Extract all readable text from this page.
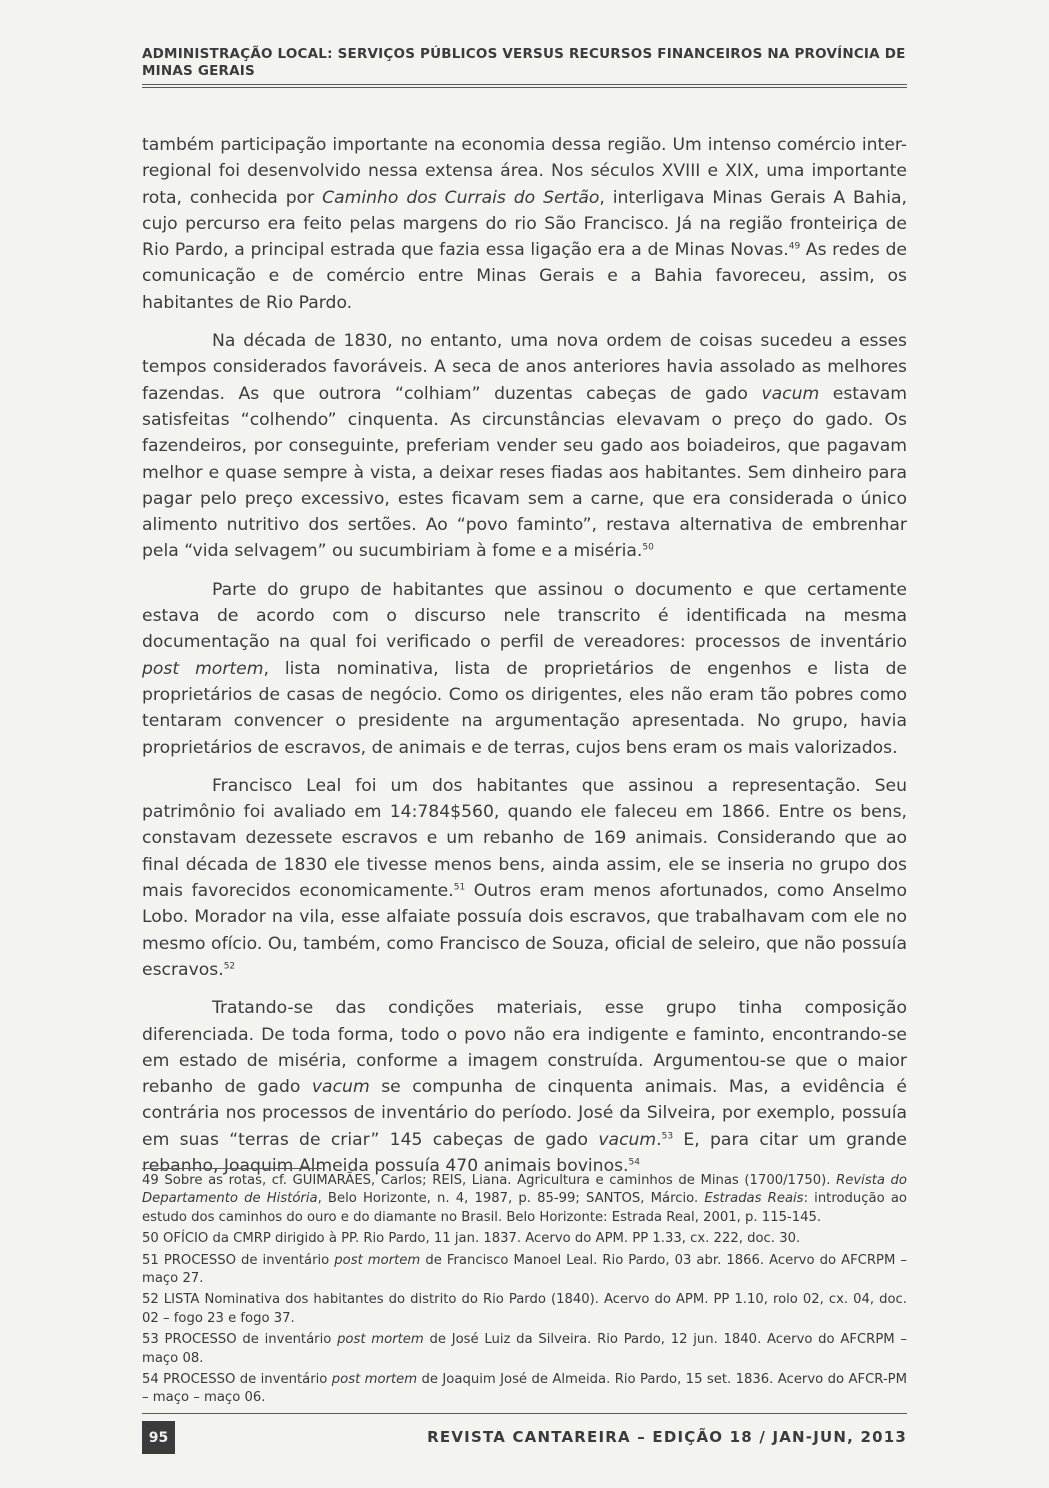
ADMINISTRAÇÃO LOCAL: SERVIÇOS PÚBLICOS VERSUS RECURSOS FINANCEIROS NA PROVÍNCIA DE

MINAS GERAIS

também participação importante na economia dessa região. Um intenso comércio inter-regional foi desenvolvido nessa extensa área. Nos séculos XVIII e XIX, uma importante rota, conhecida por Caminho dos Currais do Sertão, interligava Minas Gerais A Bahia, cujo percurso era feito pelas margens do rio São Francisco. Já na região fronteiriça de Rio Pardo, a principal estrada que fazia essa ligação era a de Minas Novas.$^{49}$ As redes de comunicação e de comércio entre Minas Gerais e a Bahia favoreceu, assim, os habitantes de Rio Pardo.

Na década de 1830, no entanto, uma nova ordem de coisas sucedeu a esses tempos considerados favoráveis. A seca de anos anteriores havia assolado as melhores fazendas. As que outrora “colhiam” duzentas cabeças de gado vacum estavam satisfeitas “colhendo” cinquenta. As circunstâncias elevavam o preço do gado. Os fazendeiros, por conseguinte, preferiam vender seu gado aos boiadeiros, que pagavam melhor e quase sempre à vista, a deixar reses fiadas aos habitantes. Sem dinheiro para pagar pelo preço excessivo, estes ficavam sem a carne, que era considerada o único alimento nutritivo dos sertões. Ao “povo faminto”, restava alternativa de embrenhar pela “vida selvagem” ou sucumbiriam à fome e a miséria.$^{50}$

Parte do grupo de habitantes que assinou o documento e que certamente estava de acordo com o discurso nele transcrito é identificada na mesma documentação na qual foi verificado o perfil de vereadores: processos de inventário post mortem, lista nominativa, lista de proprietários de engenhos e lista de proprietários de casas de negócio. Como os dirigentes, eles não eram tão pobres como tentaram convencer o presidente na argumentação apresentada. No grupo, havia proprietários de escravos, de animais e de terras, cujos bens eram os mais valorizados.

Francisco Leal foi um dos habitantes que assinou a representação. Seu patrimônio foi avaliado em 14:784$560, quando ele faleceu em 1866. Entre os bens, constavam dezessete escravos e um rebanho de 169 animais. Considerando que ao final década de 1830 ele tivesse menos bens, ainda assim, ele se inseria no grupo dos mais favorecidos economicamente.$^{51}$ Outros eram menos afortunados, como Anselmo Lobo. Morador na vila, esse alfaiate possuía dois escravos, que trabalhavam com ele no mesmo ofício. Ou, também, como Francisco de Souza, oficial de seleiro, que não possuía escravos.$^{52}$

Tratando-se das condições materiais, esse grupo tinha composição diferenciada. De toda forma, todo o povo não era indigente e faminto, encontrando-se em estado de miséria, conforme a imagem construída. Argumentou-se que o maior rebanho de gado vacum se compunha de cinquenta animais. Mas, a evidência é contrária nos processos de inventário do período. José da Silveira, por exemplo, possuía em suas “terras de criar” 145 cabeças de gado vacum.$^{53}$ E, para citar um grande rebanho, Joaquim Almeida possuía 470 animais bovinos.$^{54}$

49 Sobre as rotas, cf. GUIMARÃES, Carlos; REIS, Liana. Agricultura e caminhos de Minas (1700/1750). Revista do Departamento de História, Belo Horizonte, n. 4, 1987, p. 85-99; SANTOS, Márcio. Estradas Reais: introdução ao estudo dos caminhos do ouro e do diamante no Brasil. Belo Horizonte: Estrada Real, 2001, p. 115-145.

50 OFÍCIO da CMRP dirigido à PP. Rio Pardo, 11 jan. 1837. Acervo do APM. PP 1.33, cx. 222, doc. 30.

51 PROCESSO de inventário post mortem de Francisco Manoel Leal. Rio Pardo, 03 abr. 1866. Acervo do AFCRPM – maço 27.

52 LISTA Nominativa dos habitantes do distrito do Rio Pardo (1840). Acervo do APM. PP 1.10, rolo 02, cx. 04, doc. 02 – fogo 23 e fogo 37.

53 PROCESSO de inventário post mortem de José Luiz da Silveira. Rio Pardo, 12 jun. 1840. Acervo do AFCRPM – maço 08.

54 PROCESSO de inventário post mortem de Joaquim José de Almeida. Rio Pardo, 15 set. 1836. Acervo do AFCR-PM – maço – maço 06.

95	REVISTA CANTAREIRA – EDIÇÃO 18 / JAN-JUN, 2013
